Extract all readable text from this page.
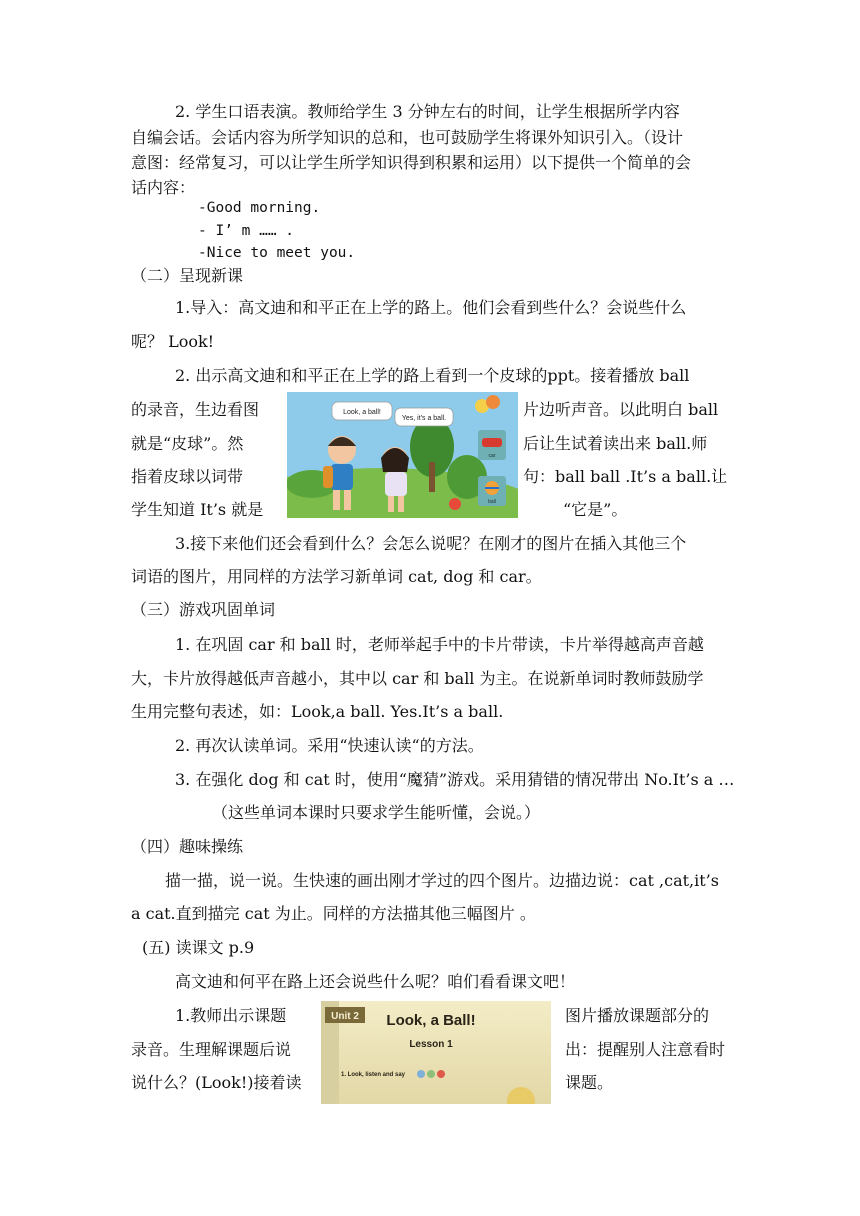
2. 学生口语表演。教师给学生 3 分钟左右的时间，让学生根据所学内容
自编会话。会话内容为所学知识的总和，也可鼓励学生将课外知识引入。（设计
意图：经常复习，可以让学生所学知识得到积累和运用）以下提供一个简单的会
话内容：
-Good morning.
- I’ m …… .
-Nice to meet you.
（二）呈现新课
1.导入：高文迪和和平正在上学的路上。他们会看到些什么？会说些什么
呢？ Look!
2. 出示高文迪和和平正在上学的路上看到一个皮球的ppt。接着播放 ball
的录音，生边看图
就是“皮球”。然
指着皮球以词带
学生知道 It’s 就是
片边听声音。以此明白 ball
后让生试着读出来 ball.师
句：ball ball .It’s a ball.让
“它是”。
Look, a ball!
Yes, it's a ball.
car
ball
3.接下来他们还会看到什么？会怎么说呢？在刚才的图片在插入其他三个
词语的图片，用同样的方法学习新单词 cat, dog 和 car。
（三）游戏巩固单词
1. 在巩固 car 和 ball 时，老师举起手中的卡片带读，卡片举得越高声音越
大，卡片放得越低声音越小，其中以 car 和 ball 为主。在说新单词时教师鼓励学
生用完整句表述，如：Look,a ball. Yes.It’s a ball.
2. 再次认读单词。采用“快速认读“的方法。
3. 在强化 dog 和 cat 时，使用“魔猜”游戏。采用猜错的情况带出 No.It’s a …
（这些单词本课时只要求学生能听懂，会说。）
（四）趣味操练
描一描，说一说。生快速的画出刚才学过的四个图片。边描边说：cat ,cat,it’s
a cat.直到描完 cat 为止。同样的方法描其他三幅图片 。
(五) 读课文 p.9
高文迪和何平在路上还会说些什么呢？咱们看看课文吧！
1.教师出示课题
录音。生理解课题后说
说什么？(Look!)接着读
图片播放课题部分的
出：提醒别人注意看时
课题。
Unit 2 Look, a Ball!
Lesson 1
1. Look, listen and say
